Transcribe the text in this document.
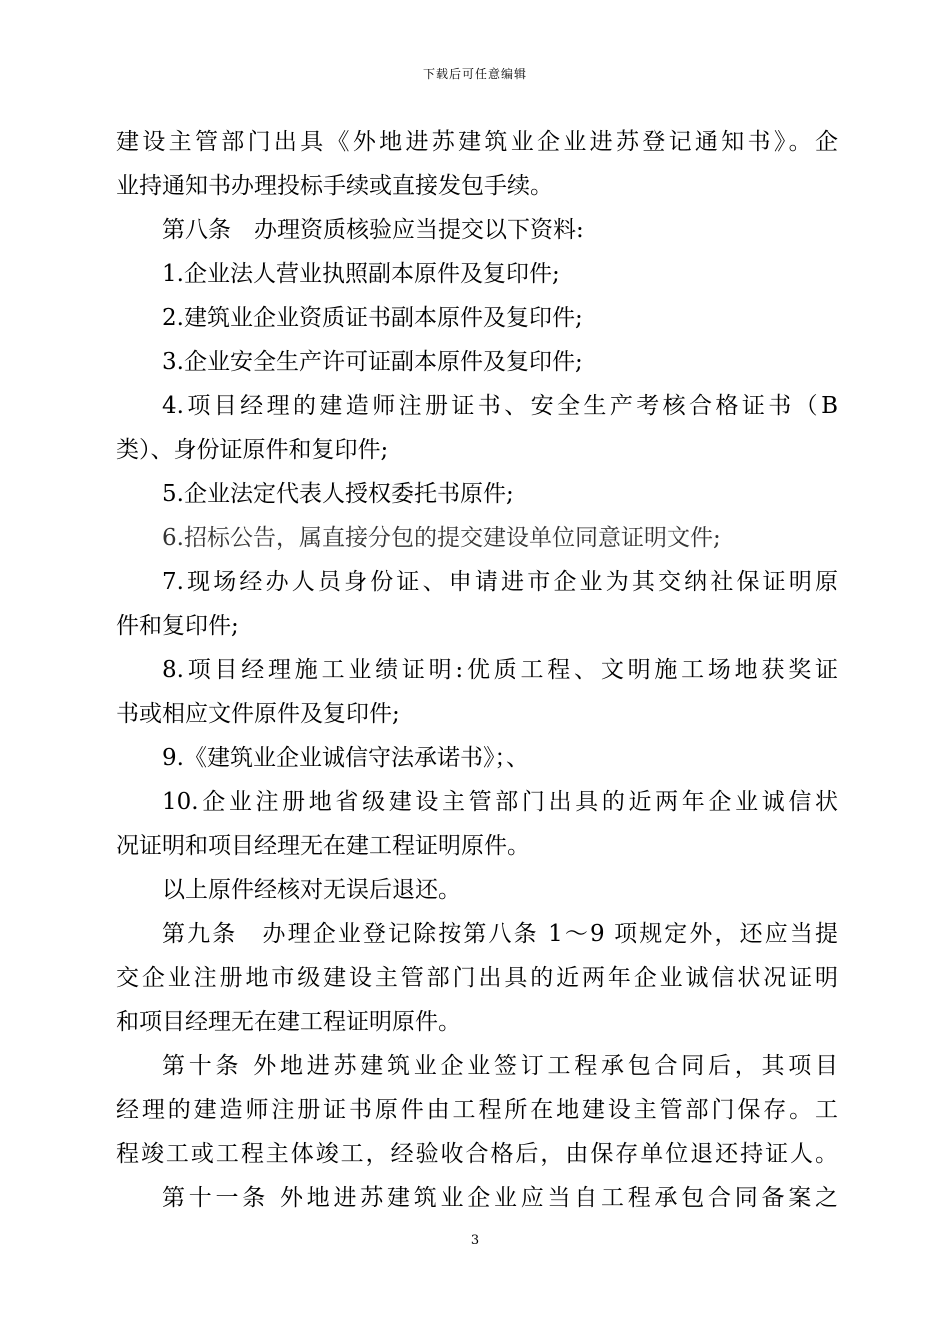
下载后可任意编辑
建设主管部门出具《外地进苏建筑业企业进苏登记通知书》。企
业持通知书办理投标手续或直接发包手续。
第八条　办理资质核验应当提交以下资料:
1.企业法人营业执照副本原件及复印件;
2.建筑业企业资质证书副本原件及复印件;
3.企业安全生产许可证副本原件及复印件;
4.项目经理的建造师注册证书、安全生产考核合格证书（B
类）、身份证原件和复印件;
5.企业法定代表人授权委托书原件;
6.招标公告，属直接分包的提交建设单位同意证明文件;
7.现场经办人员身份证、申请进市企业为其交纳社保证明原
件和复印件;
8.项目经理施工业绩证明:优质工程、文明施工场地获奖证
书或相应文件原件及复印件;
9.《建筑业企业诚信守法承诺书》；、
10.企业注册地省级建设主管部门出具的近两年企业诚信状
况证明和项目经理无在建工程证明原件。
以上原件经核对无误后退还。
第九条　办理企业登记除按第八条 1～9 项规定外，还应当提
交企业注册地市级建设主管部门出具的近两年企业诚信状况证明
和项目经理无在建工程证明原件。
第十条 外地进苏建筑业企业签订工程承包合同后，其项目
经理的建造师注册证书原件由工程所在地建设主管部门保存。工
程竣工或工程主体竣工，经验收合格后，由保存单位退还持证人。
第十一条 外地进苏建筑业企业应当自工程承包合同备案之
3
